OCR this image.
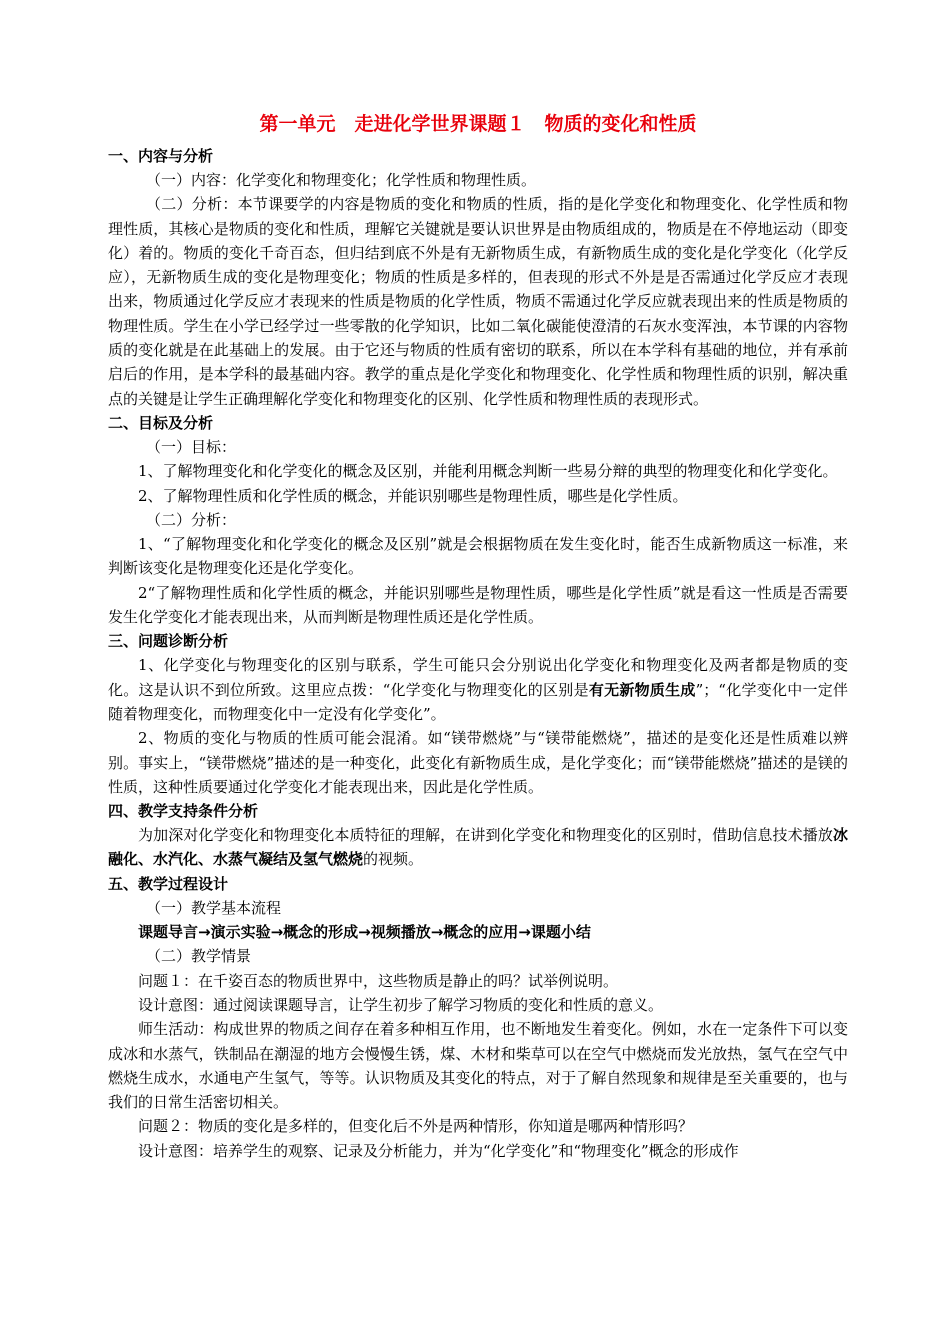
第一单元　走进化学世界课题１　物质的变化和性质
一、内容与分析
（一）内容：化学变化和物理变化；化学性质和物理性质。
（二）分析：本节课要学的内容是物质的变化和物质的性质，指的是化学变化和物理变化、化学性质和物理性质，其核心是物质的变化和性质，理解它关键就是要认识世界是由物质组成的，物质是在不停地运动（即变化）着的。物质的变化千奇百态，但归结到底不外是有无新物质生成，有新物质生成的变化是化学变化（化学反应），无新物质生成的变化是物理变化；物质的性质是多样的，但表现的形式不外是是否需通过化学反应才表现出来，物质通过化学反应才表现来的性质是物质的化学性质，物质不需通过化学反应就表现出来的性质是物质的物理性质。学生在小学已经学过一些零散的化学知识，比如二氧化碳能使澄清的石灰水变浑浊，本节课的内容物质的变化就是在此基础上的发展。由于它还与物质的性质有密切的联系，所以在本学科有基础的地位，并有承前启后的作用，是本学科的最基础内容。教学的重点是化学变化和物理变化、化学性质和物理性质的识别，解决重点的关键是让学生正确理解化学变化和物理变化的区别、化学性质和物理性质的表现形式。
二、目标及分析
（一）目标：
1、了解物理变化和化学变化的概念及区别，并能利用概念判断一些易分辩的典型的物理变化和化学变化。
2、了解物理性质和化学性质的概念，并能识别哪些是物理性质，哪些是化学性质。
（二）分析：
1、“了解物理变化和化学变化的概念及区别”就是会根据物质在发生变化时，能否生成新物质这一标准，来判断该变化是物理变化还是化学变化。
2“了解物理性质和化学性质的概念，并能识别哪些是物理性质，哪些是化学性质”就是看这一性质是否需要发生化学变化才能表现出来，从而判断是物理性质还是化学性质。
三、问题诊断分析
1、化学变化与物理变化的区别与联系，学生可能只会分别说出化学变化和物理变化及两者都是物质的变化。这是认识不到位所致。这里应点拨：“化学变化与物理变化的区别是有无新物质生成”；“化学变化中一定伴随着物理变化，而物理变化中一定没有化学变化”。
2、物质的变化与物质的性质可能会混淆。如“镁带燃烧”与“镁带能燃烧”，描述的是变化还是性质难以辨别。事实上，“镁带燃烧”描述的是一种变化，此变化有新物质生成，是化学变化；而“镁带能燃烧”描述的是镁的性质，这种性质要通过化学变化才能表现出来，因此是化学性质。
四、教学支持条件分析
为加深对化学变化和物理变化本质特征的理解，在讲到化学变化和物理变化的区别时，借助信息技术播放冰融化、水汽化、水蒸气凝结及氢气燃烧的视频。
五、教学过程设计
（一）教学基本流程
课题导言→演示实验→概念的形成→视频播放→概念的应用→课题小结
（二）教学情景
问题１：在千姿百态的物质世界中，这些物质是静止的吗？试举例说明。
设计意图：通过阅读课题导言，让学生初步了解学习物质的变化和性质的意义。
师生活动：构成世界的物质之间存在着多种相互作用，也不断地发生着变化。例如，水在一定条件下可以变成冰和水蒸气，铁制品在潮湿的地方会慢慢生锈，煤、木材和柴草可以在空气中燃烧而发光放热，氢气在空气中燃烧生成水，水通电产生氢气，等等。认识物质及其变化的特点，对于了解自然现象和规律是至关重要的，也与我们的日常生活密切相关。
问题２：物质的变化是多样的，但变化后不外是两种情形，你知道是哪两种情形吗？
设计意图：培养学生的观察、记录及分析能力，并为“化学变化”和“物理变化”概念的形成作
